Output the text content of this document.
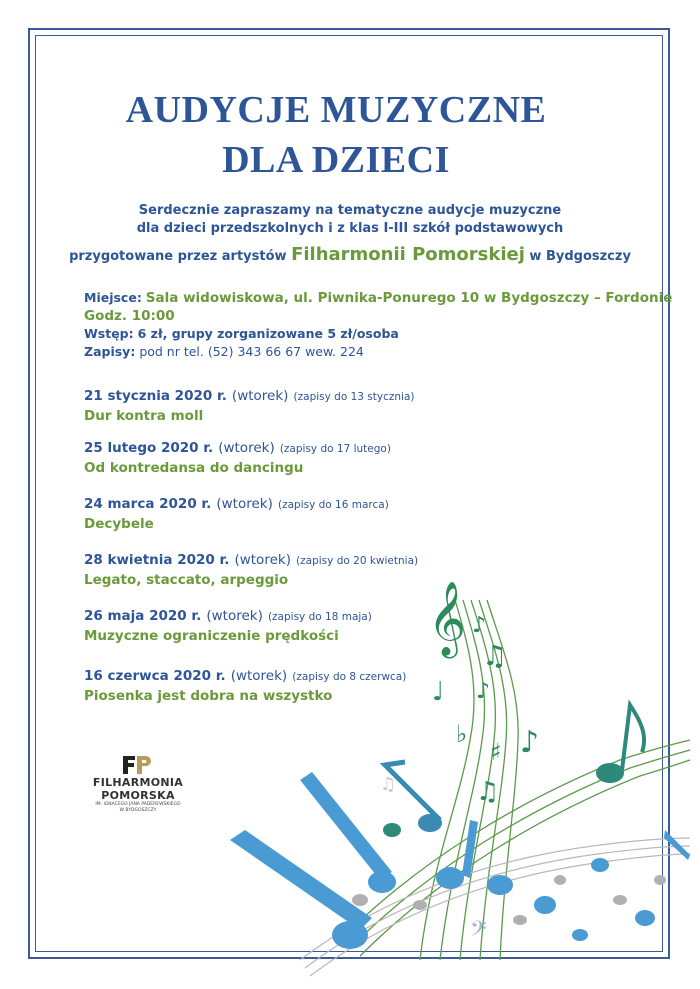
𝄞 ♪
♫
♩ ♪
♭
♯ ♪
♫
𝄢
♫
AUDYCJE MUZYCZNE
DLA DZIECI
Serdecznie zapraszamy na tematyczne audycje muzyczne
dla dzieci przedszkolnych i z klas I-III szkół podstawowych
przygotowane przez artystów Filharmonii Pomorskiej w Bydgoszczy
Miejsce: Sala widowiskowa, ul. Piwnika-Ponurego 10 w Bydgoszczy – Fordonie
Godz. 10:00
Wstęp: 6 zł, grupy zorganizowane 5 zł/osoba
Zapisy: pod nr tel. (52) 343 66 67 wew. 224
21 stycznia 2020 r. (wtorek) (zapisy do 13 stycznia)
Dur kontra moll
25 lutego 2020 r. (wtorek) (zapisy do 17 lutego)
Od kontredansa do dancingu
24 marca 2020 r. (wtorek) (zapisy do 16 marca)
Decybele
28 kwietnia 2020 r. (wtorek) (zapisy do 20 kwietnia)
Legato, staccato, arpeggio
26 maja 2020 r. (wtorek) (zapisy do 18 maja)
Muzyczne ograniczenie prędkości
16 czerwca 2020 r. (wtorek) (zapisy do 8 czerwca)
Piosenka jest dobra na wszystko
FILHARMONIA
POMORSKA
IM. IGNACEGO JANA PADEREWSKIEGO
W BYDGOSZCZY
